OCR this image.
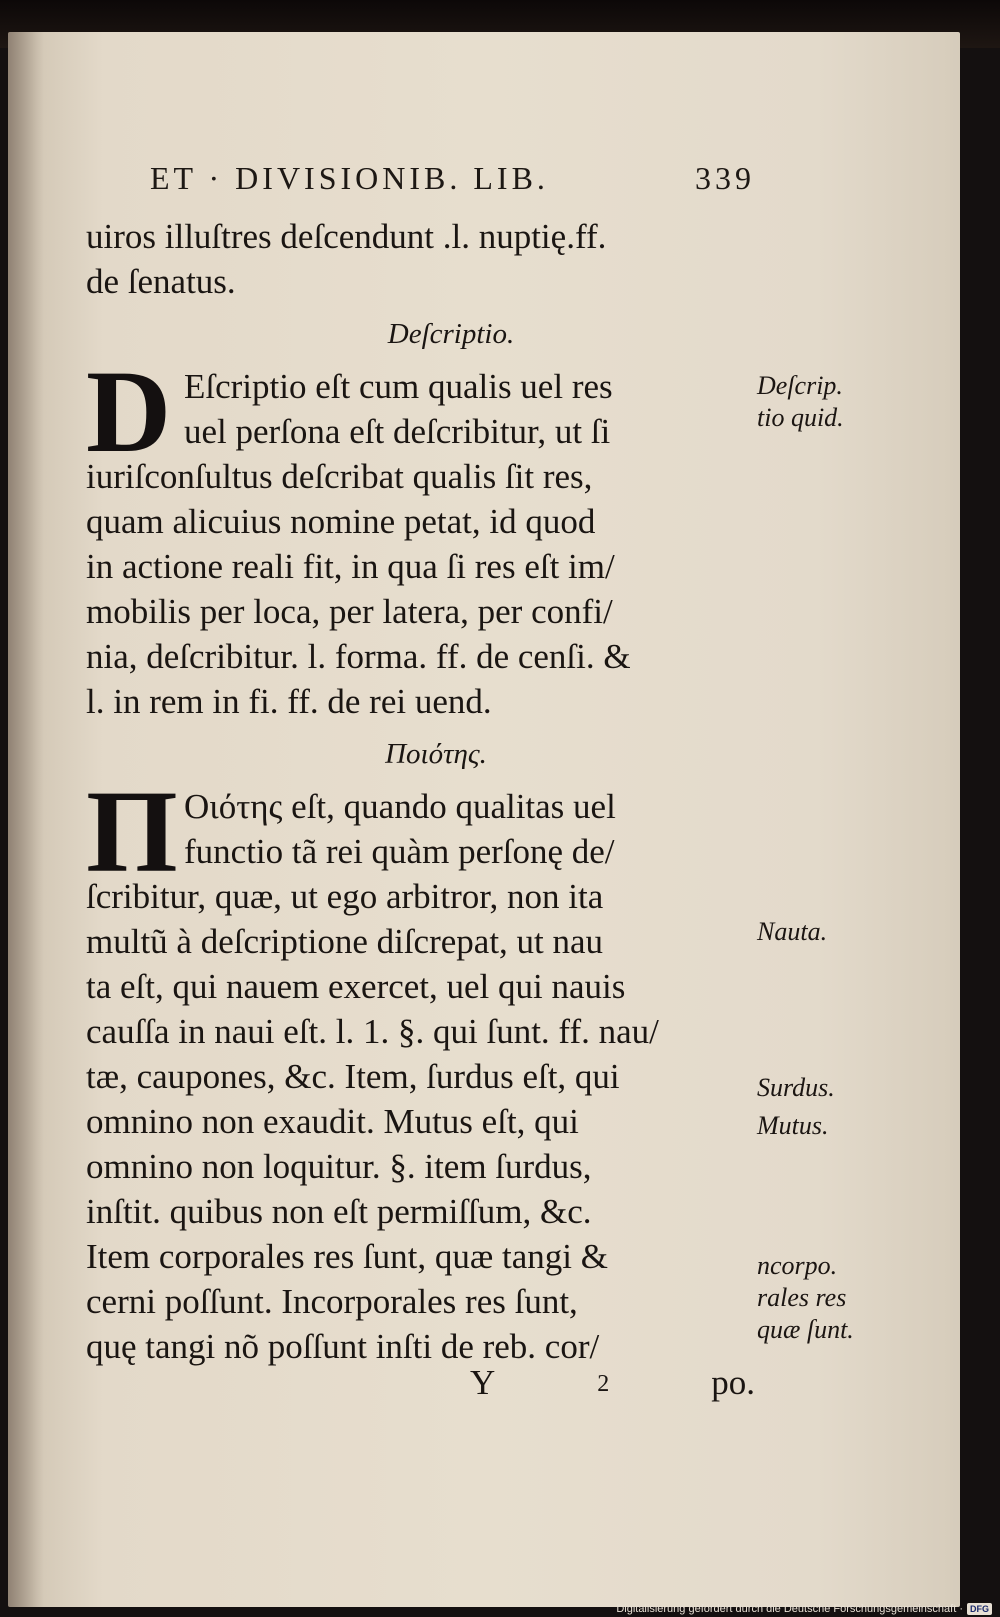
ET · DIVISIONIB. LIB.	339
uiros illuſtres deſcendunt .l. nuptię.ff.
de ſenatus.
Deſcriptio.
D Eſcriptio eſt cum qualis uel res
uel perſona eſt deſcribitur, ut ſi
iuriſconſultus deſcribat qualis ſit res,
quam alicuius nomine petat, id quod
in actione reali fit, in qua ſi res eſt im/
mobilis per loca, per latera, per confi/
nia, deſcribitur. l. forma. ff. de cenſi. &
l. in rem in fi. ff. de rei uend.
Ποιότης.
Π Οιότης eſt, quando qualitas uel
functio tã rei quàm perſonę de/
ſcribitur, quæ, ut ego arbitror, non ita
multũ à deſcriptione diſcrepat, ut nau
ta eſt, qui nauem exercet, uel qui nauis
cauſſa in naui eſt. l. 1. §. qui ſunt. ff. nau/
tæ, caupones, &c. Item, ſurdus eſt, qui
omnino non exaudit. Mutus eſt, qui
omnino non loquitur. §. item ſurdus,
inſtit. quibus non eſt permiſſum, &c.
Item corporales res ſunt, quæ tangi &
cerni poſſunt. Incorporales res ſunt,
quę tangi nõ poſſunt inſti de reb. cor/
Y	2	po.
Deſcrip.
tio quid.
Nauta.
Surdus.
Mutus.
ncorpo.
rales res
quæ ſunt.
Digitalisierung gefördert durch die Deutsche Forschungsgemeinschaft · DFG
